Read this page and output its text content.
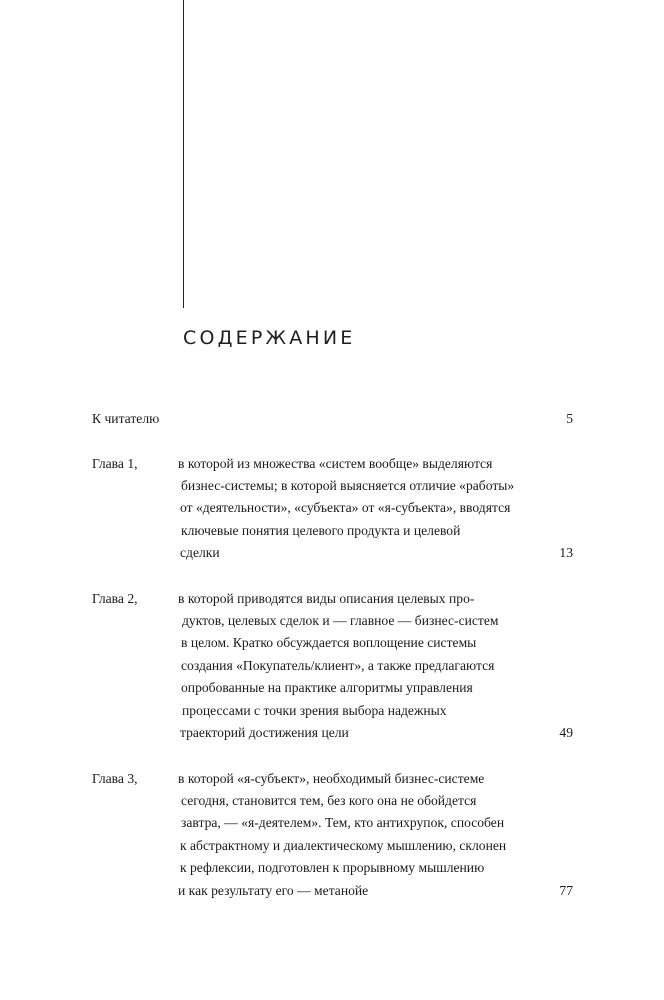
СОДЕРЖАНИЕ
К читателю	5
Глава 1,	в которой из множества «систем вообще» выделяются
бизнес-системы; в которой выясняется отличие «работы»
от «деятельности», «субъекта» от «я-субъекта», вводятся
ключевые понятия целевого продукта и целевой
сделки	13
Глава 2,	в которой приводятся виды описания целевых про-
дуктов, целевых сделок и — главное — бизнес-систем
в целом. Кратко обсуждается воплощение системы
создания «Покупатель/клиент», а также предлагаются
опробованные на практике алгоритмы управления
процессами с точки зрения выбора надежных
траекторий достижения цели	49
Глава 3,	в которой «я-субъект», необходимый бизнес-системе
сегодня, становится тем, без кого она не обойдется
завтра, — «я-деятелем». Тем, кто антихрупок, способен
к абстрактному и диалектическому мышлению, склонен
к рефлексии, подготовлен к прорывному мышлению
и как результату его — метанойе	77
